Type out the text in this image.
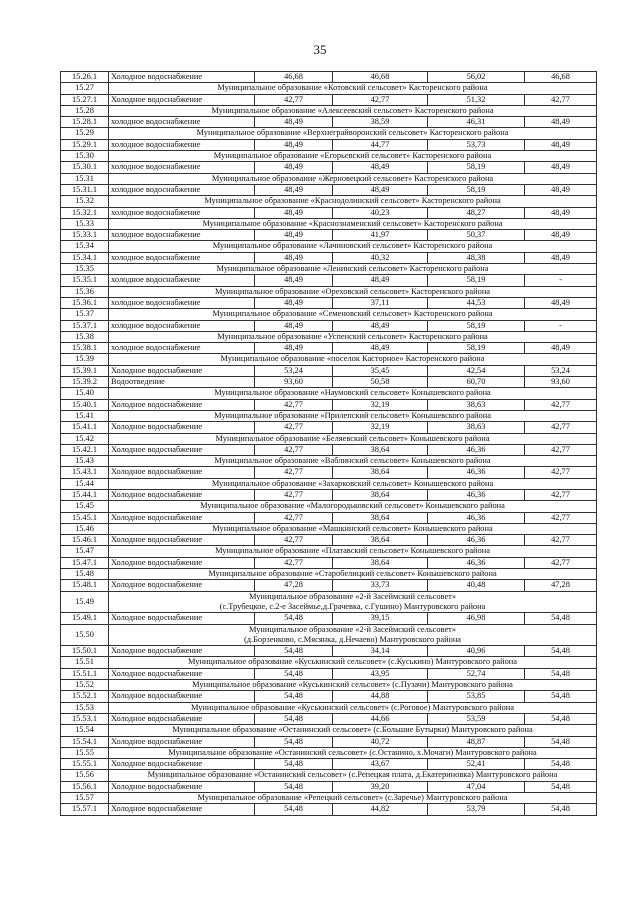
35
15.26.1	Холодное водоснабжение	46,68	46,68	56,02	46,68
15.27	Муниципальное образование «Котовский сельсовет» Касторенского района				
15.27.1	Холодное водоснабжение	42,77	42,77	51,32	42,77
15.28	Муниципальное образование «Алексеевский сельсовет» Касторенского района				
15.28.1	холодное водоснабжение	48,49	38,59	46,31	48,49
15.29	Муниципальное образование «Верхнеграйворонский сельсовет» Касторенского района				
15.29.1	холодное водоснабжение	48,49	44,77	53,73	48,49
15.30	Муниципальное образование «Егорьевский сельсовет» Касторенского района				
15.30.1	холодное водоснабжение	48,49	48,49	58,19	48,49
15.31	Муниципальное образование «Жерновецкий сельсовет» Касторенского района				
15.31.1	холодное водоснабжение	48,49	48,49	58,19	48,49
15.32	Муниципальное образование «Краснодолинский сельсовет» Касторенского района				
15.32.1	холодное водоснабжение	48,49	40,23	48,27	48,49
15.33	Муниципальное образование «Краснознаменский сельсовет» Касторенского района				
15.33.1	холодное водоснабжение	48,49	41,97	50,37	48,49
15.34	Муниципальное образование «Лачиновский сельсовет» Касторенского района				
15.34.1	холодное водоснабжение	48,49	40,32	48,38	48,49
15.35	Муниципальное образование «Ленинский сельсовет» Касторенского района				
15.35.1	холодное водоснабжение	48,49	48,49	58,19	-
15.36	Муниципальное образование «Ореховский сельсовет» Касторенского района				
15.36.1	холодное водоснабжение	48,49	37,11	44,53	48,49
15.37	Муниципальное образование «Семеновский сельсовет» Касторенского района				
15.37.1	холодное водоснабжение	48,49	48,49	58,19	-
15.38	Муниципальное образование «Успенский сельсовет» Касторенского района				
15.38.1	холодное водоснабжение	48,49	48,49	58,19	48,49
15.39	Муниципальное образование «поселок Касторное» Касторенского района				
15.39.1	Холодное водоснабжение	53,24	35,45	42,54	53,24
15.39.2	Водоотведение	93,60	50,58	60,70	93,60
15.40	Муниципальное образование «Наумовский сельсовет» Конышевского района				
15.40.1	Холодное водоснабжение	42,77	32,19	38,63	42,77
15.41	Муниципальное образование «Прилепский сельсовет» Конышевского района				
15.41.1	Холодное водоснабжение	42,77	32,19	38,63	42,77
15.42	Муниципальное образование «Беляевский сельсовет» Конышевского района				
15.42.1	Холодное водоснабжение	42,77	38,64	46,36	42,77
15.43	Муниципальное образование «Ваблинский сельсовет» Конышевского района				
15.43.1	Холодное водоснабжение	42,77	38,64	46,36	42,77
15.44	Муниципальное образование «Захарковский сельсовет» Конышевского района				
15.44.1	Холодное водоснабжение	42,77	38,64	46,36	42,77
15.45	Муниципальное образование «Малогородьковский сельсовет» Конышевского района				
15.45.1	Холодное водоснабжение	42,77	38,64	46,36	42,77
15.46	Муниципальное образование «Машкинский сельсовет» Конышевского района				
15.46.1	Холодное водоснабжение	42,77	38,64	46,36	42,77
15.47	Муниципальное образование «Платавский сельсовет» Конышевского района				
15.47.1	Холодное водоснабжение	42,77	38,64	46,36	42,77
15.48	Муниципальное образование «Старобелицкий сельсовет» Конышевского района				
15.48.1	Холодное водоснабжение	47,28	33,73	40,48	47,28
15.49	Муниципальное образование «2-й Засеймский сельсовет»
(с.Трубецкое, с.2-е Засеймье,д.Грачевка, с.Гушино) Мантуровского района				

15.49.1	Холодное водоснабжение	54,48	39,15	46,98	54,48
15.50	Муниципальное образование «2-й Засеймский сельсовет»
(д.Борзенково, с.Мясянка, д.Нечаево) Мантуровского района				

15.50.1	Холодное водоснабжение	54,48	34,14	40,96	54,48
15.51	Муниципальное образование «Куськинский сельсовет» (с.Куськино) Мантуровского района				
15.51.1	Холодное водоснабжение	54,48	43,95	52,74	54,48
15.52	Муниципальное образование «Куськинский сельсовет» (с.Пузачи) Мантуровского района				
15.52.1	Холодное водоснабжение	54,48	44,88	53,85	54,48
15.53	Муниципальное образование «Куськинский сельсовет» (с.Роговое) Мантуровского района				
15.53.1	Холодное водоснабжение	54,48	44,66	53,59	54,48
15.54	Муниципальное образование «Останинский сельсовет» (с.Большие Бутырки) Мантуровского района				
15.54.1	Холодное водоснабжение	54,48	40,72	48,87	54,48
15.55	Муниципальное образование «Останинский сельсовет» (с.Останино, х.Мочаги) Мантуровского района				
15.55.1	Холодное водоснабжение	54,48	43,67	52,41	54,48
15.56	Муниципальное образование «Останинский сельсовет» (с.Репецкая плата, д.Екатериновка) Мантуровского района				
15.56.1	Холодное водоснабжение	54,48	39,20	47,04	54,48
15.57	Муниципальное образование «Репецкий сельсовет» (с.Заречье) Мантуровского района				
15.57.1	Холодное водоснабжение	54,48	44,82	53,79	54,48
